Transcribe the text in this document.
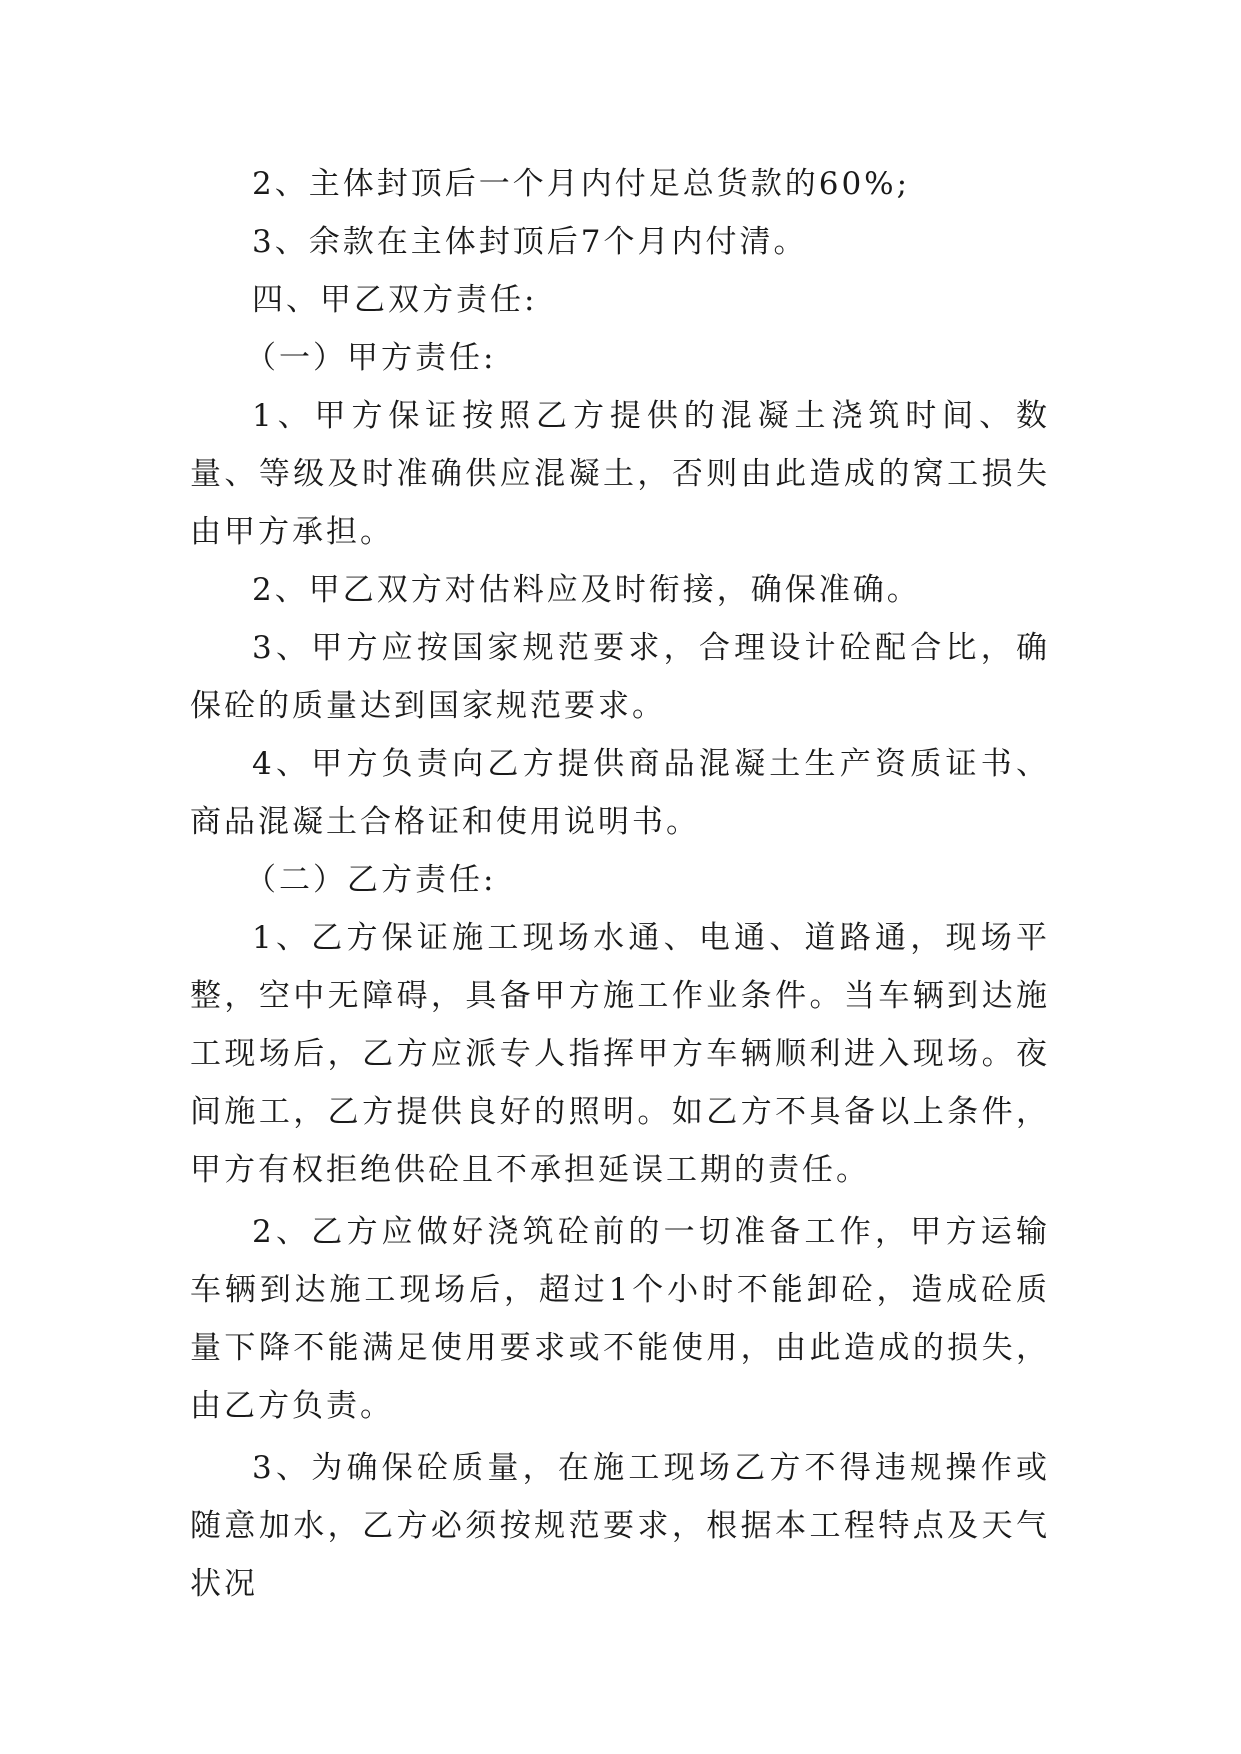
2、主体封顶后一个月内付足总货款的60%;

3、余款在主体封顶后7个月内付清。

四、甲乙双方责任:

（一）甲方责任:

1、甲方保证按照乙方提供的混凝土浇筑时间、数量、等级及时准确供应混凝土，否则由此造成的窝工损失由甲方承担。

2、甲乙双方对估料应及时衔接，确保准确。

3、甲方应按国家规范要求，合理设计砼配合比，确保砼的质量达到国家规范要求。

4、甲方负责向乙方提供商品混凝土生产资质证书、商品混凝土合格证和使用说明书。

（二）乙方责任:

1、乙方保证施工现场水通、电通、道路通，现场平整，空中无障碍，具备甲方施工作业条件。当车辆到达施工现场后，乙方应派专人指挥甲方车辆顺利进入现场。夜间施工，乙方提供良好的照明。如乙方不具备以上条件，甲方有权拒绝供砼且不承担延误工期的责任。

2、乙方应做好浇筑砼前的一切准备工作，甲方运输车辆到达施工现场后，超过1个小时不能卸砼，造成砼质量下降不能满足使用要求或不能使用，由此造成的损失，由乙方负责。

3、为确保砼质量，在施工现场乙方不得违规操作或随意加水，乙方必须按规范要求，根据本工程特点及天气状况
